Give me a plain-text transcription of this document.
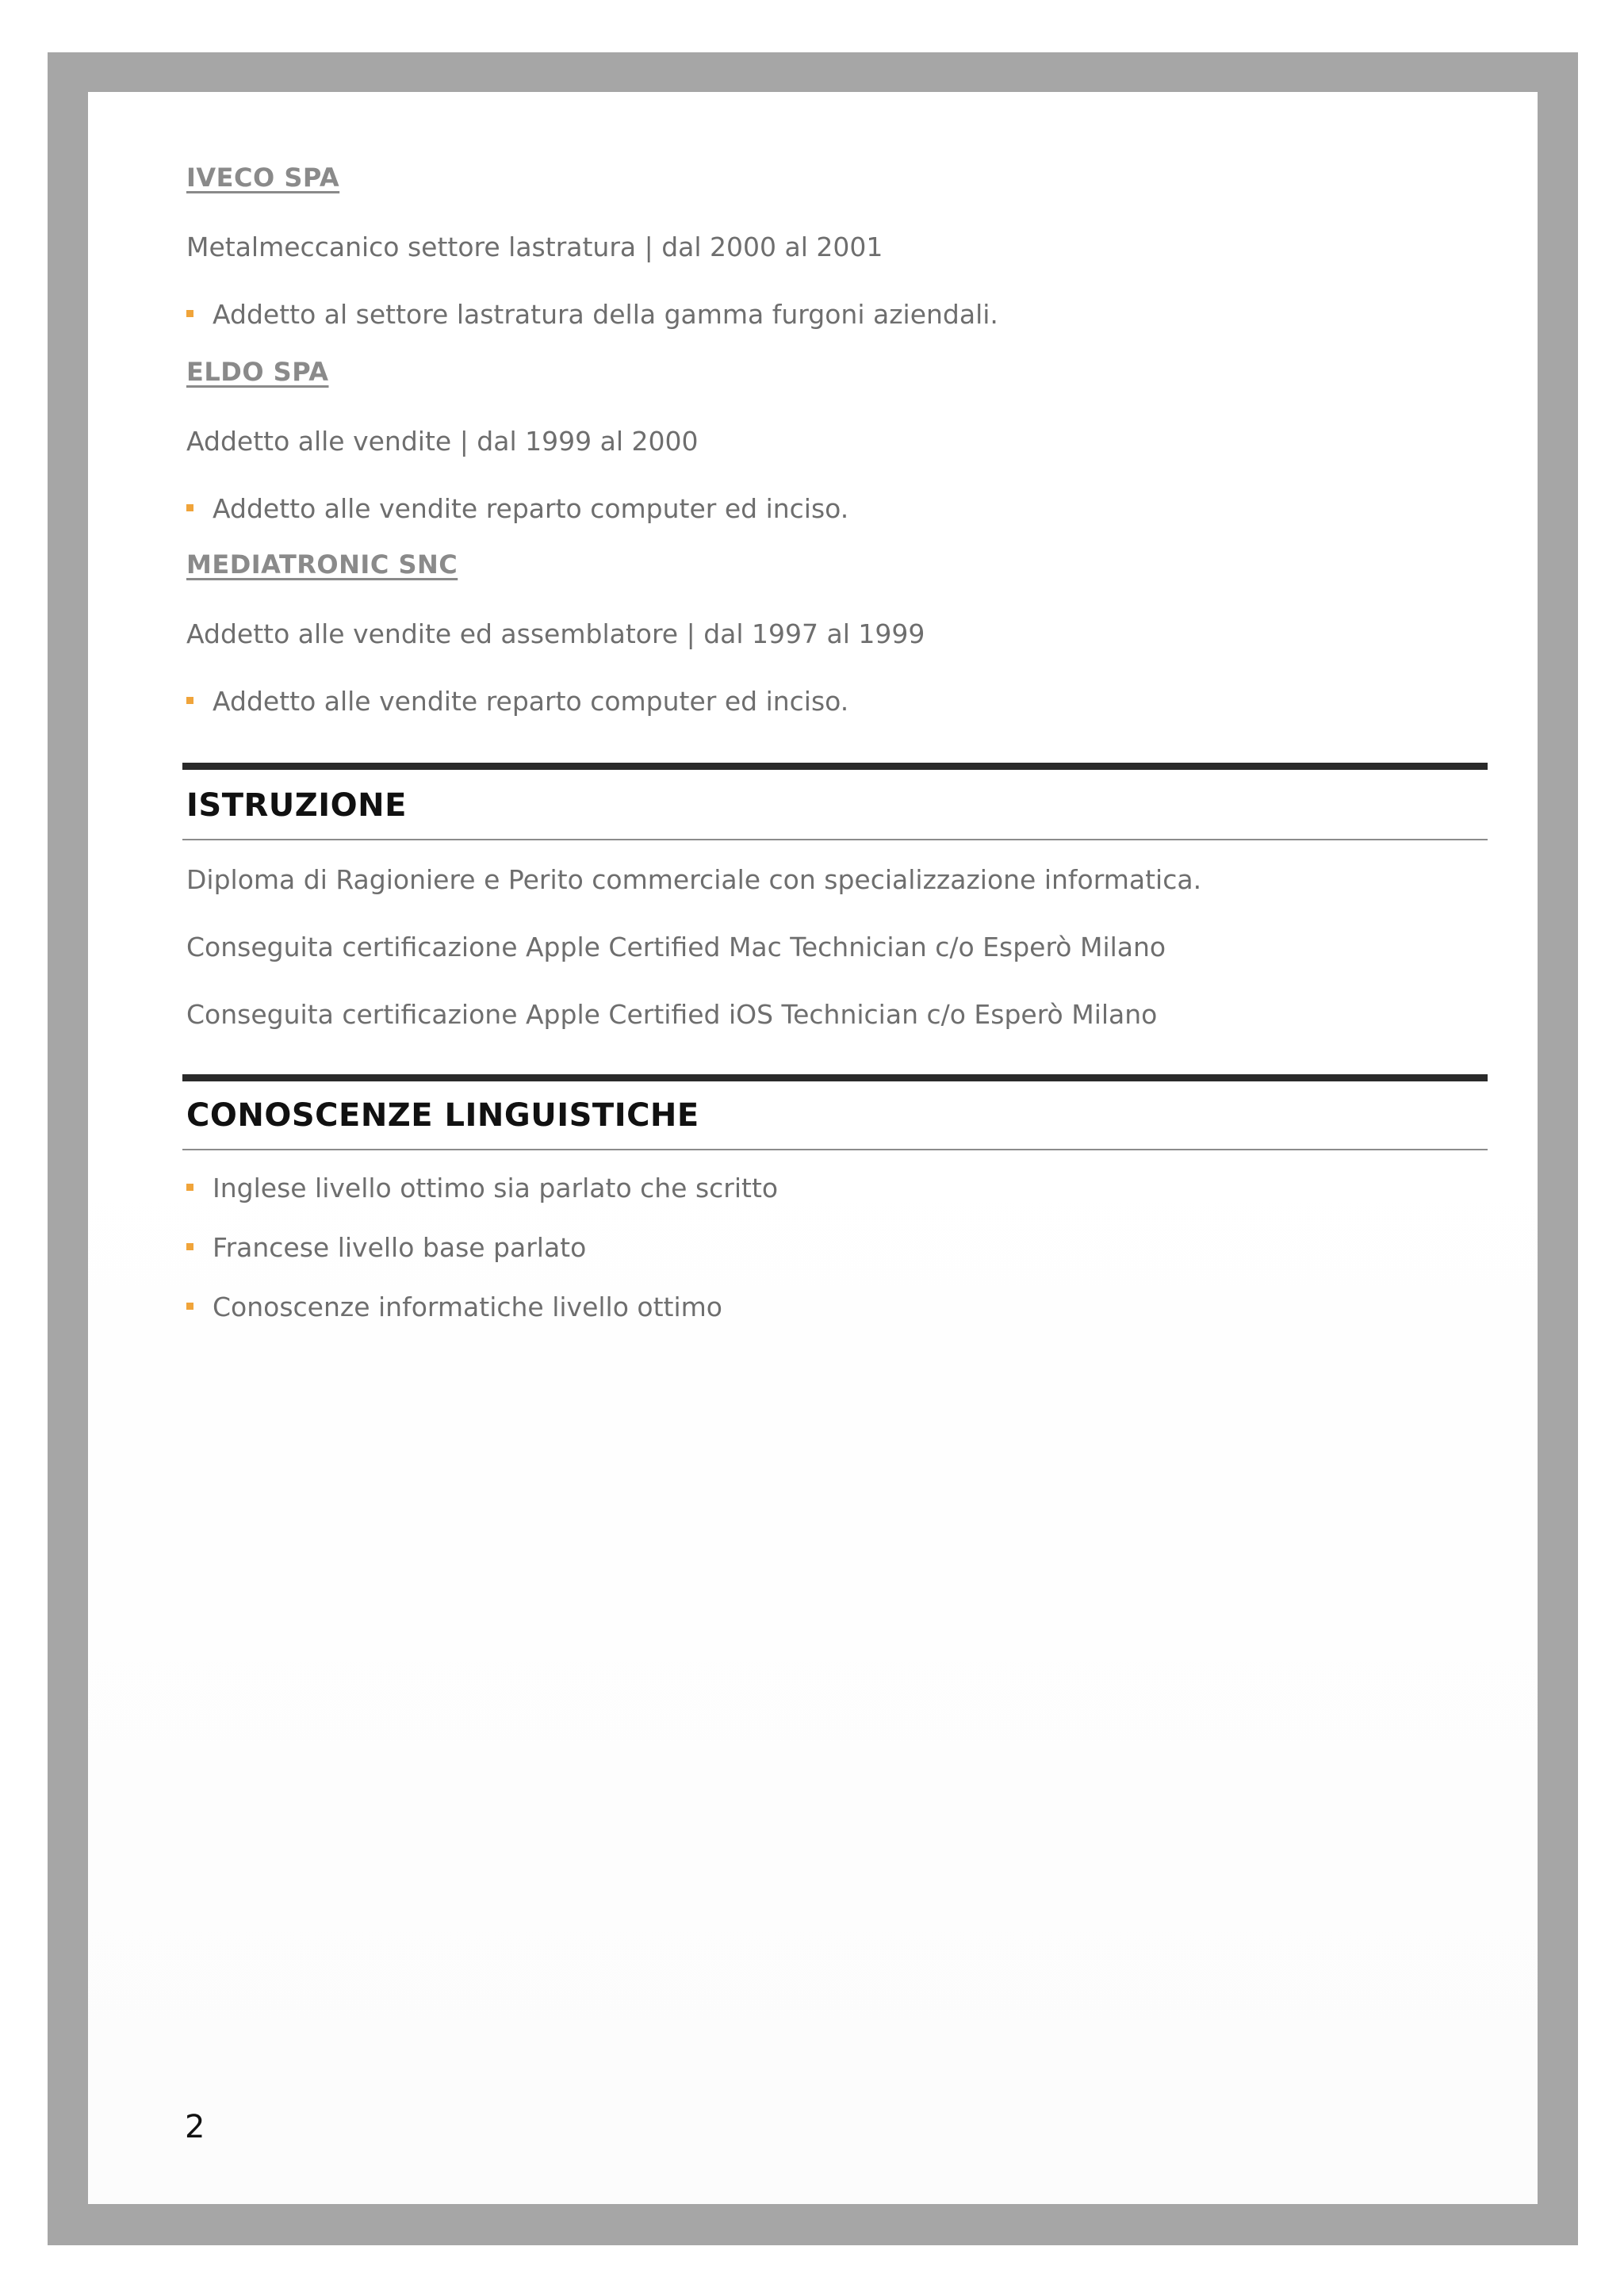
IVECO SPA
Metalmeccanico settore lastratura | dal 2000 al 2001
Addetto al settore lastratura della gamma furgoni aziendali.
ELDO SPA
Addetto alle vendite | dal 1999 al 2000
Addetto alle vendite reparto computer ed inciso.
MEDIATRONIC SNC
Addetto alle vendite ed assemblatore | dal 1997 al 1999
Addetto alle vendite reparto computer ed inciso.
ISTRUZIONE
Diploma di Ragioniere e Perito commerciale con specializzazione informatica.
Conseguita certificazione Apple Certified Mac Technician c/o Esperò Milano
Conseguita certificazione Apple Certified iOS Technician c/o Esperò Milano
CONOSCENZE LINGUISTICHE
Inglese livello ottimo sia parlato che scritto
Francese livello base parlato
Conoscenze informatiche livello ottimo
2
